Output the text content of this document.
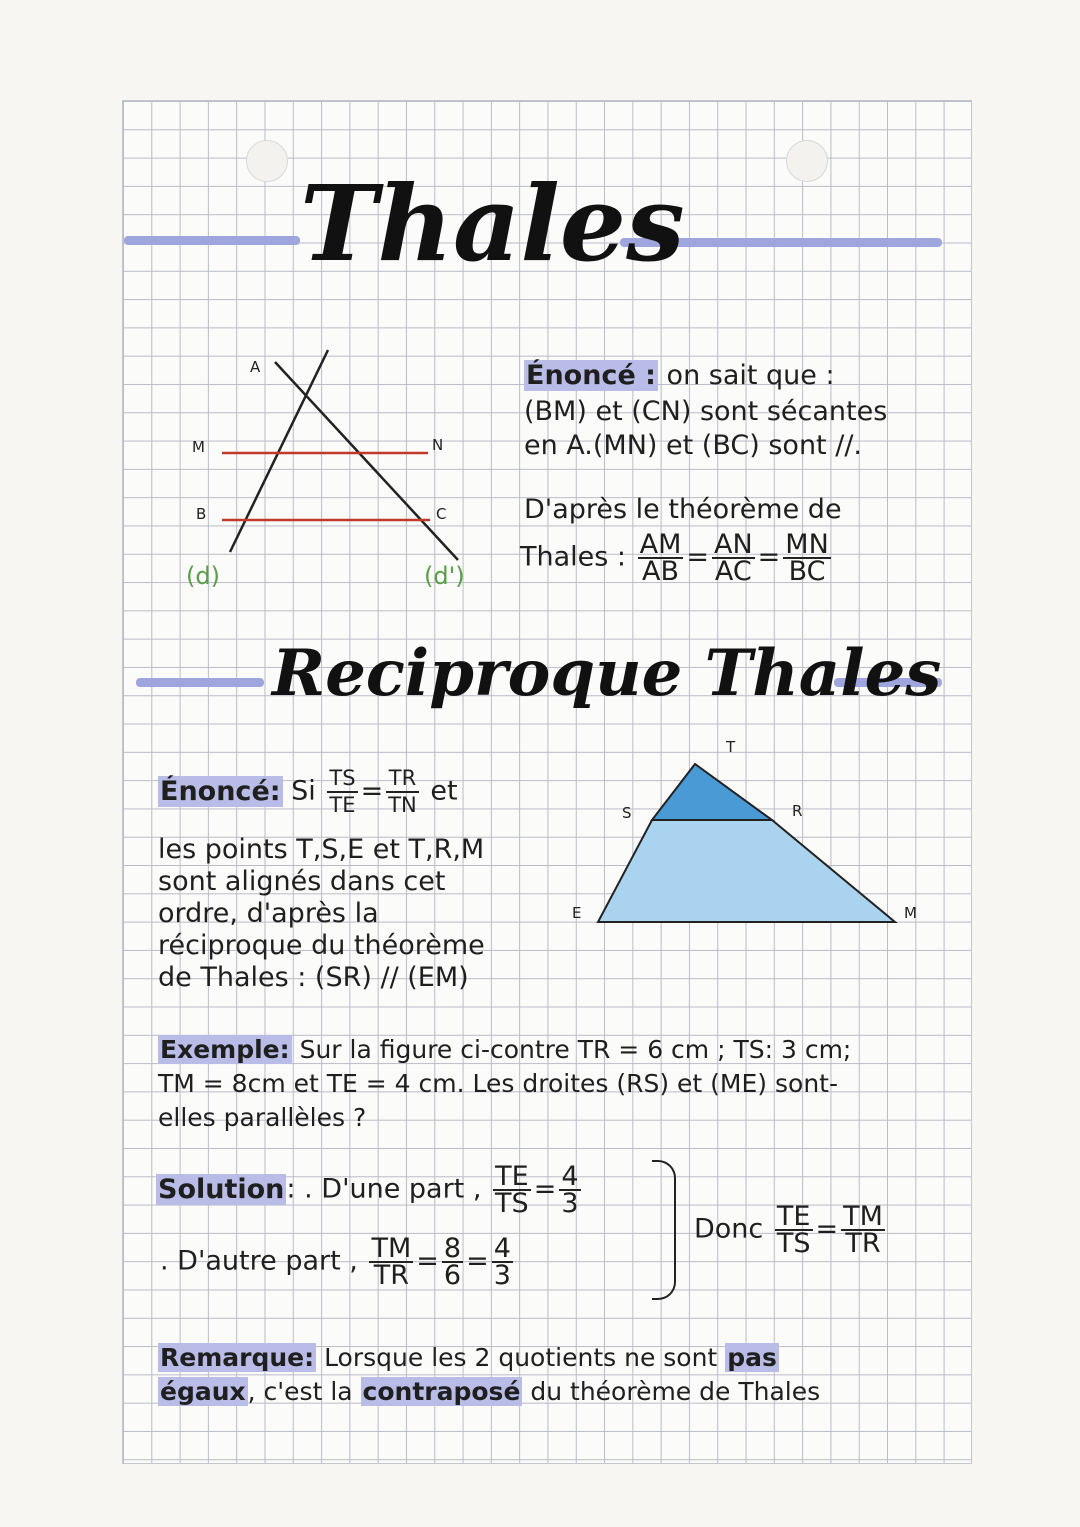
Thales
A
M	N
B	C
(d)	(d')
Énoncé : on sait que :
(BM) et (CN) sont sécantes
en A.(MN) et (BC) sont //.
D'après le théorème de
Thales : $\frac{AM}{AB} = \frac{AN}{AC} = \frac{MN}{BC}$
Reciproque Thales
Énoncé: Si $\frac{TS}{TE} = \frac{TR}{TN}$ et
les points T,S,E et T,R,M
sont alignés dans cet
ordre, d'après la
réciproque du théorème
de Thales : (SR) // (EM)
T
S	R
E	M
Exemple: Sur la figure ci-contre TR = 6 cm ; TS: 3 cm;
TM = 8cm et TE = 4 cm. Les droites (RS) et (ME) sont-
elles parallèles ?
Solution: . D'une part , $\frac{TE}{TS} = \frac{4}{3}$
. D'autre part , $\frac{TM}{TR} = \frac{8}{6} = \frac{4}{3}$
Donc $\frac{TE}{TS} = \frac{TM}{TR}$
Remarque: Lorsque les 2 quotients ne sont pas
égaux, c'est la contraposé du théorème de Thales
